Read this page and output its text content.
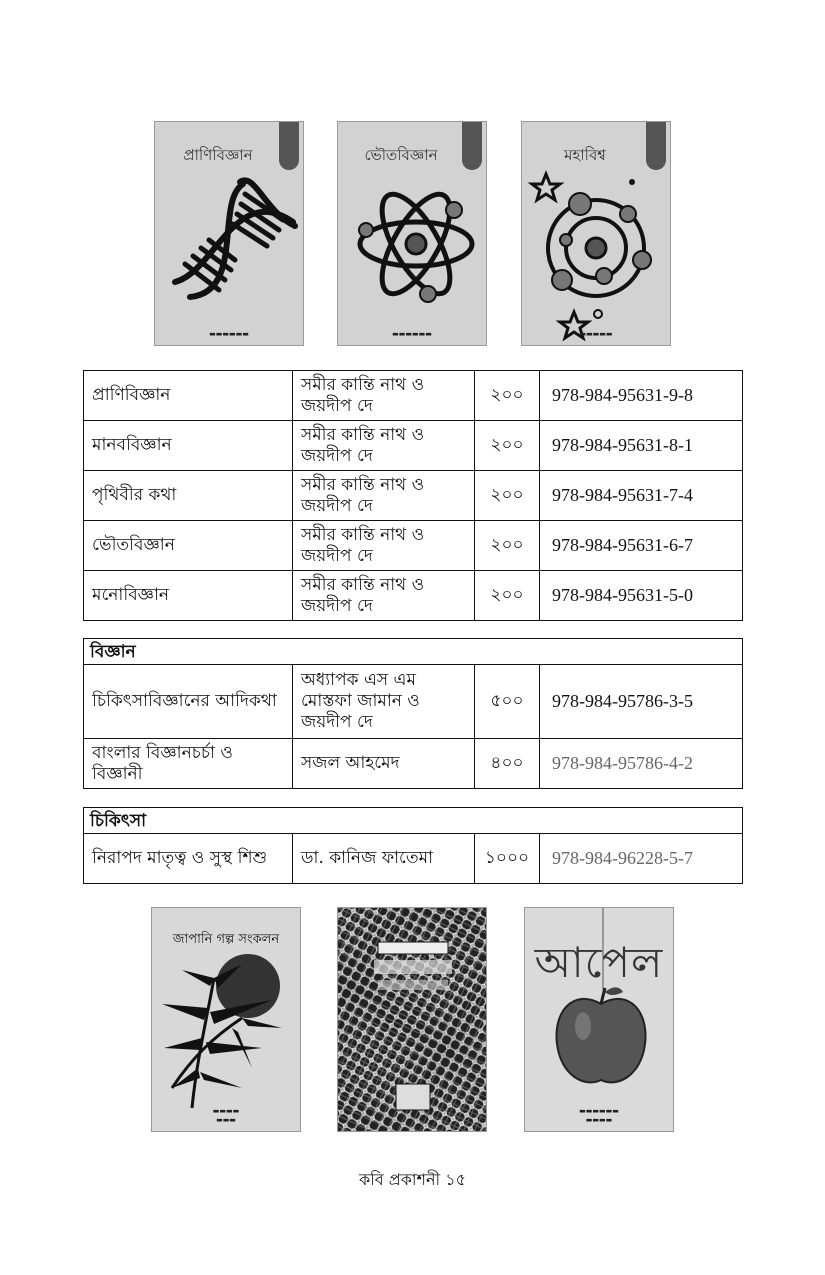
প্রাণিবিজ্ঞান
▬▬▬▬▬▬
ভৌতবিজ্ঞান
▬▬▬▬▬▬
মহাবিশ্ব
▬▬▬▬▬
প্রাণিবিজ্ঞান	সমীর কান্তি নাথ ও জয়দীপ দে	২০০	978-984-95631-9-8
মানববিজ্ঞান	সমীর কান্তি নাথ ও জয়দীপ দে	২০০	978-984-95631-8-1
পৃথিবীর কথা	সমীর কান্তি নাথ ও জয়দীপ দে	২০০	978-984-95631-7-4
ভৌতবিজ্ঞান	সমীর কান্তি নাথ ও জয়দীপ দে	২০০	978-984-95631-6-7
মনোবিজ্ঞান	সমীর কান্তি নাথ ও জয়দীপ দে	২০০	978-984-95631-5-0
বিজ্ঞান			
চিকিৎসাবিজ্ঞানের আদিকথা	অধ্যাপক এস এম মোস্তফা জামান ও জয়দীপ দে	৫০০	978-984-95786-3-5
বাংলার বিজ্ঞানচর্চা ও বিজ্ঞানী	সজল আহমেদ	৪০০	978-984-95786-4-2
চিকিৎসা
নিরাপদ মাতৃত্ব ও সুস্থ শিশু	ডা. কানিজ ফাতেমা	১০০০	978-984-96228-5-7
জাপানি গল্প সংকলন
▬▬▬▬
▬▬▬
আপেল
▬▬▬▬▬▬
▬▬▬▬
কবি প্রকাশনী ১৫
